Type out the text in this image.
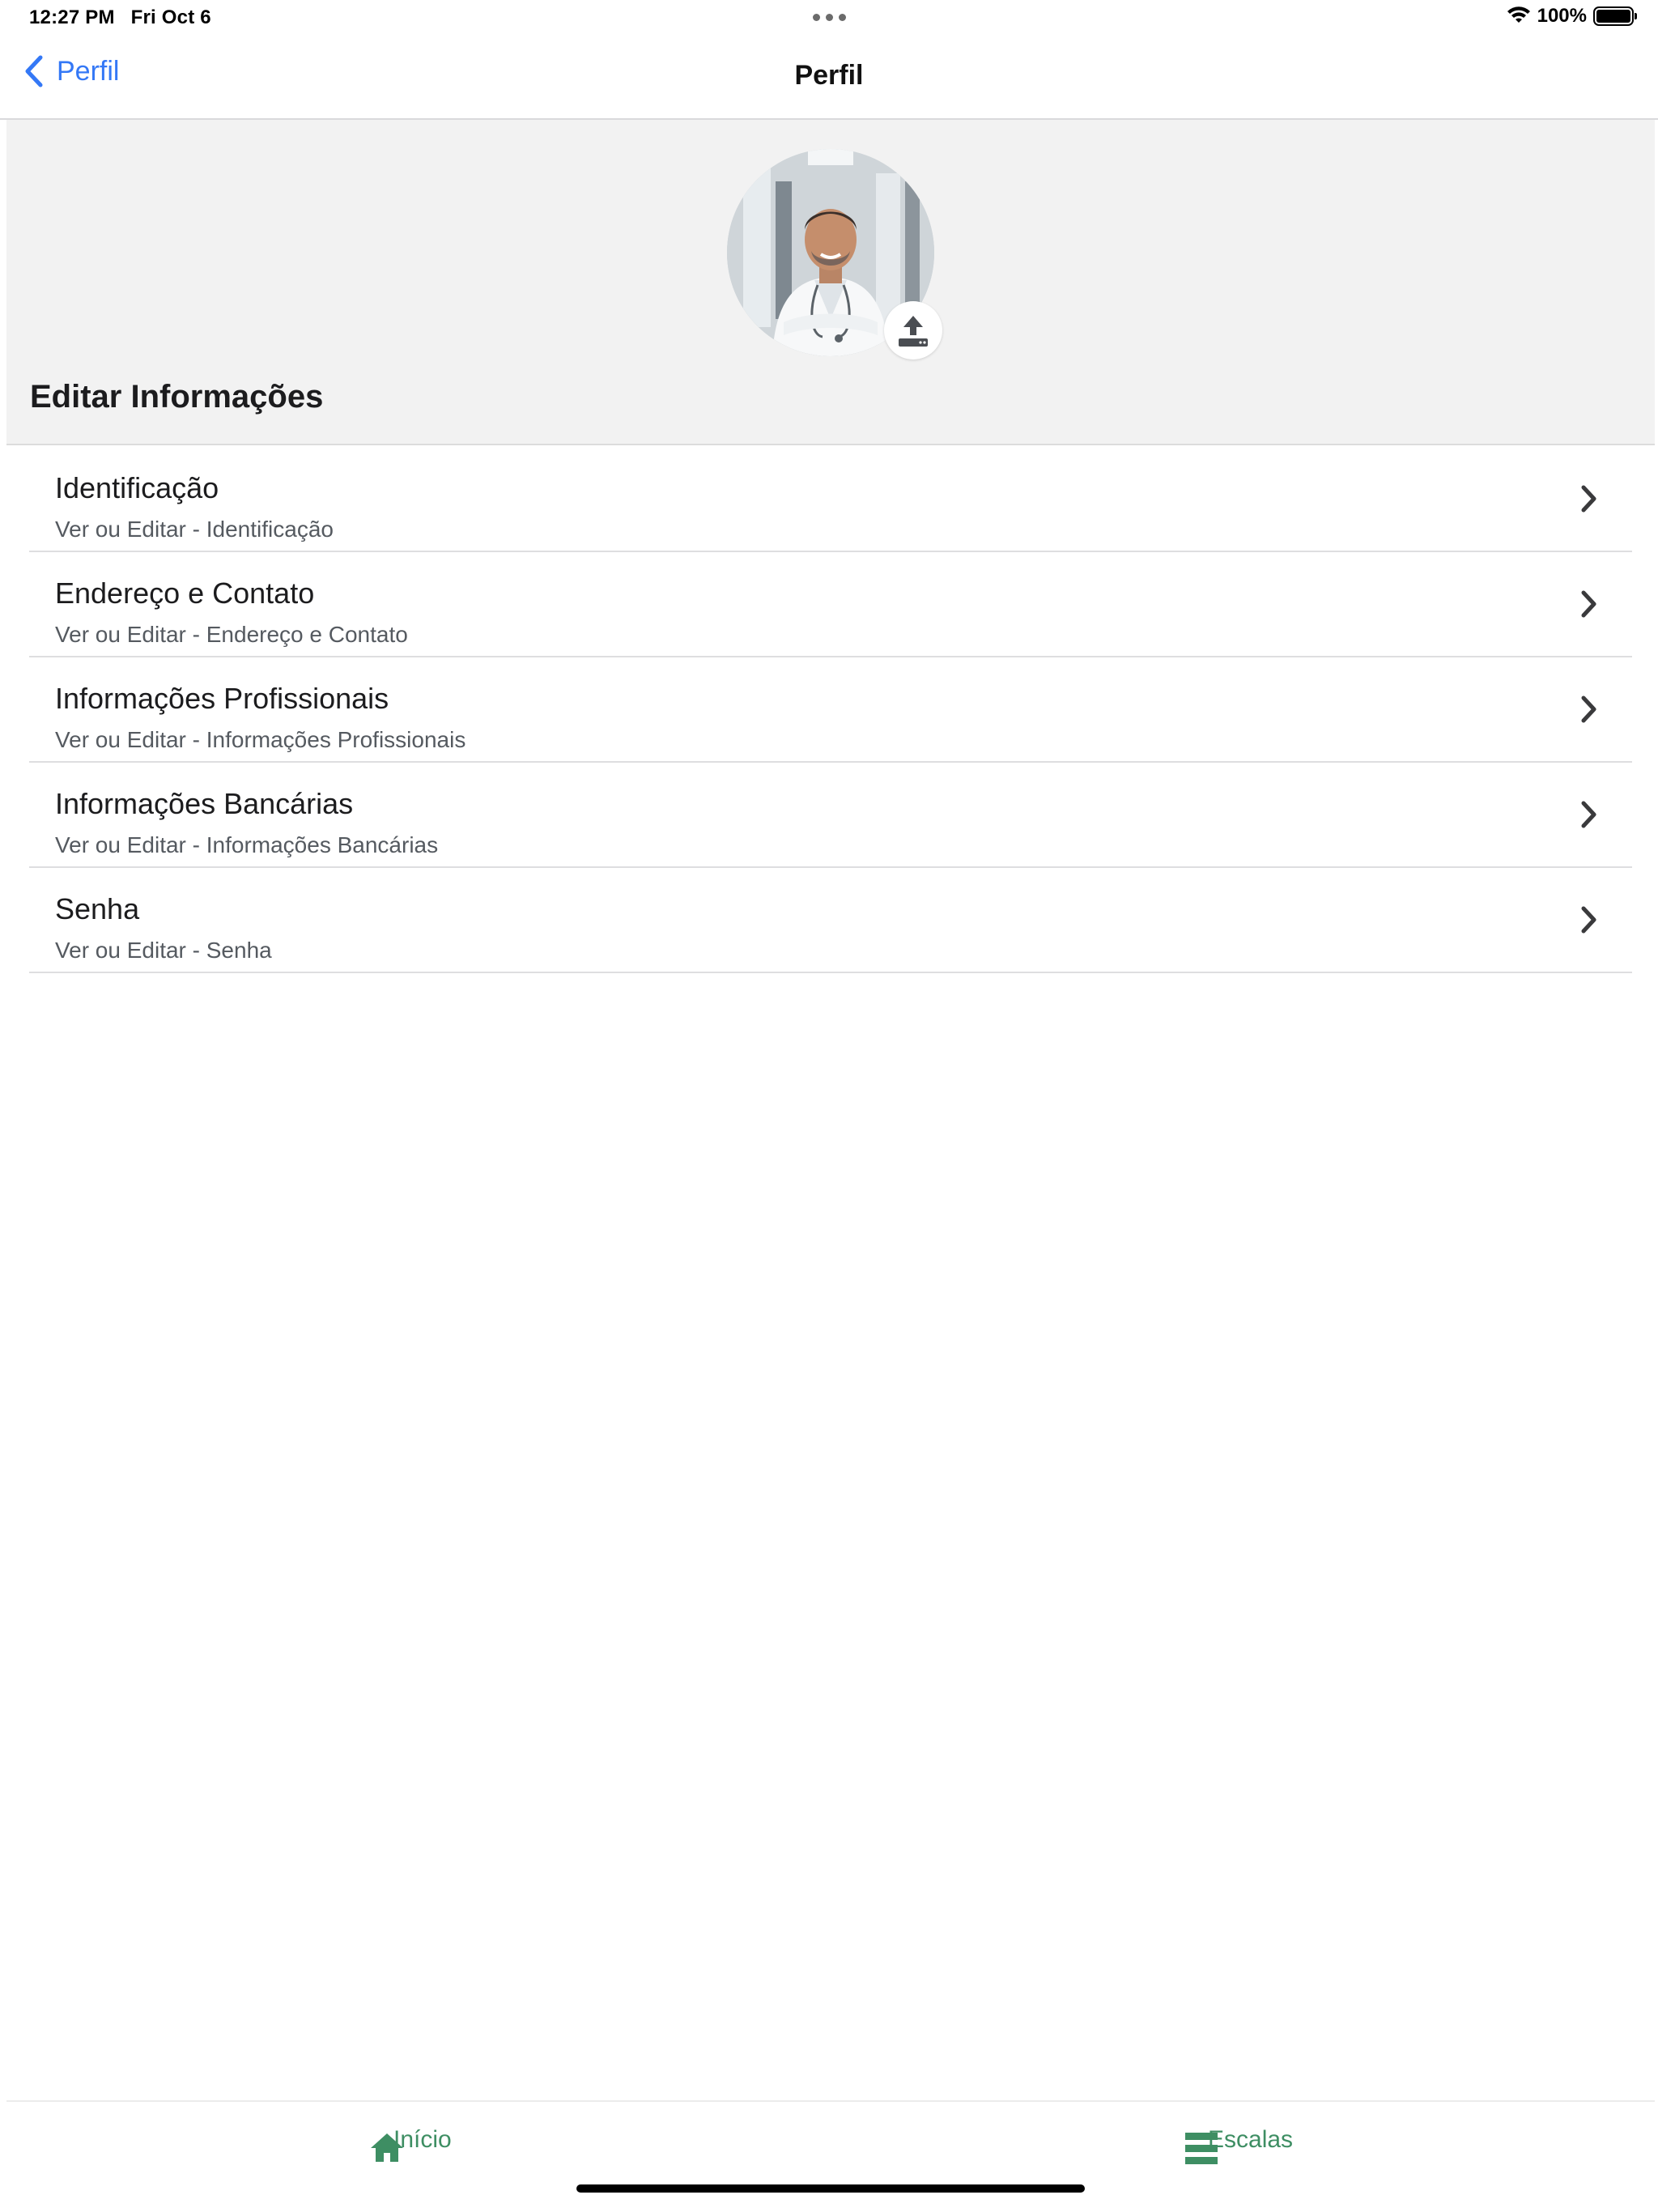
12:27 PM Fri Oct 6	100%
Perfil	Perfil
Editar Informações
Identificação
Ver ou Editar - Identificação
Endereço e Contato
Ver ou Editar - Endereço e Contato
Informações Profissionais
Ver ou Editar - Informações Profissionais
Informações Bancárias
Ver ou Editar - Informações Bancárias
Senha
Ver ou Editar - Senha
Início	Escalas
